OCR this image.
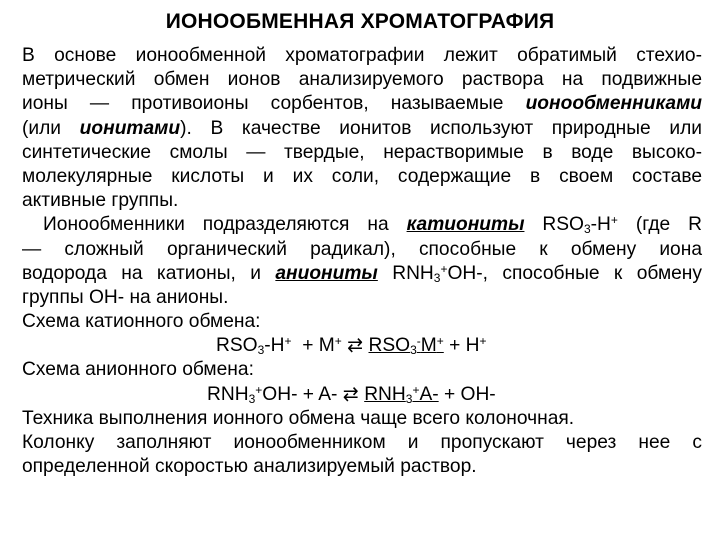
ИОНООБМЕННАЯ ХРОМАТОГРАФИЯ
В основе ионообменной хроматографии лежит обратимый стехио-
метрический обмен ионов анализируемого раствора на подвижные
ионы — противоионы сорбентов, называемые ионообменниками
(или ионитами). В качестве ионитов используют природные или
синтетические смолы — твердые, нерастворимые в воде высоко-
молекулярные кислоты и их соли, содержащие в своем составе
активные группы.
Ионообменники подразделяются на катиониты $RSO_3-H^+$ (где R
— сложный органический радикал), способные к обмену иона
водорода на катионы, и аниониты $RNH_3^+OH-$, способные к обмену
группы ОН- на анионы.
Схема катионного обмена:
$RSO_3-H^+ + M^+$ ⇄ $RSO_3^-M^+ + H^+$
Схема анионного обмена:
$RNH_3^+OH- + A-$ ⇄ $RNH_3^+A- + OH-$
Техника выполнения ионного обмена чаще всего колоночная.
Колонку заполняют ионообменником и пропускают через нее с
определенной скоростью анализируемый раствор.
